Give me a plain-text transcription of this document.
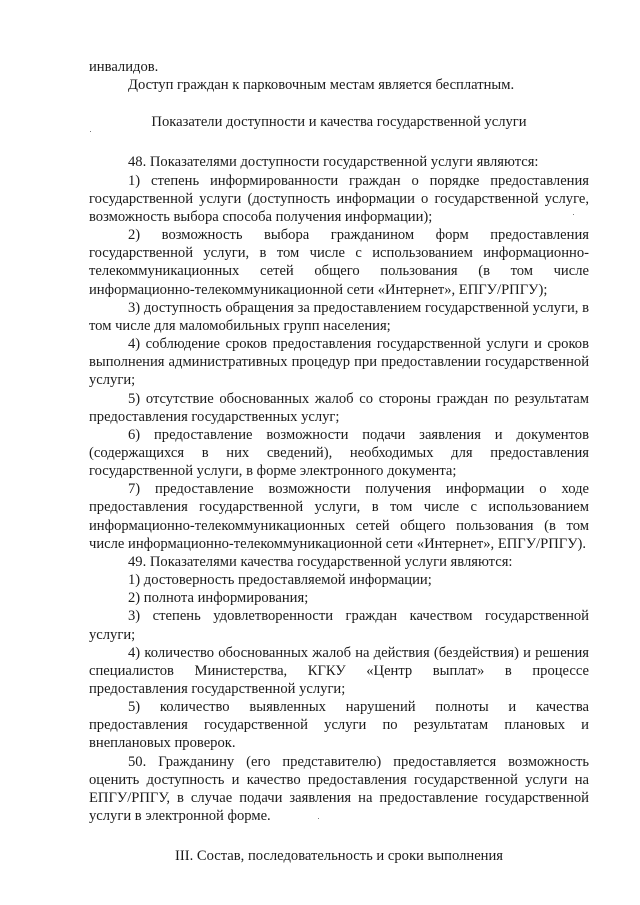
инвалидов.

Доступ граждан к парковочным местам является бесплатным.

Показатели доступности и качества государственной услуги

48. Показателями доступности государственной услуги являются:

1) степень информированности граждан о порядке предоставления государственной услуги (доступность информации о государственной услуге, возможность выбора способа получения информации);

2) возможность выбора гражданином форм предоставления государственной услуги, в том числе с использованием информационно-телекоммуникационных сетей общего пользования (в том числе информационно-телекоммуникационной сети «Интернет», ЕПГУ/РПГУ);

3) доступность обращения за предоставлением государственной услуги, в том числе для маломобильных групп населения;

4) соблюдение сроков предоставления государственной услуги и сроков выполнения административных процедур при предоставлении государственной услуги;

5) отсутствие обоснованных жалоб со стороны граждан по результатам предоставления государственных услуг;

6) предоставление возможности подачи заявления и документов (содержащихся в них сведений), необходимых для предоставления государственной услуги, в форме электронного документа;

7) предоставление возможности получения информации о ходе предоставления государственной услуги, в том числе с использованием информационно-телекоммуникационных сетей общего пользования (в том числе информационно-телекоммуникационной сети «Интернет», ЕПГУ/РПГУ).

49. Показателями качества государственной услуги являются:

1) достоверность предоставляемой информации;

2) полнота информирования;

3) степень удовлетворенности граждан качеством государственной услуги;

4) количество обоснованных жалоб на действия (бездействия) и решения специалистов Министерства, КГКУ «Центр выплат» в процессе предоставления государственной услуги;

5) количество выявленных нарушений полноты и качества предоставления государственной услуги по результатам плановых и внеплановых проверок.

50. Гражданину (его представителю) предоставляется возможность оценить доступность и качество предоставления государственной услуги на ЕПГУ/РПГУ, в случае подачи заявления на предоставление государственной услуги в электронной форме.

III. Состав, последовательность и сроки выполнения
